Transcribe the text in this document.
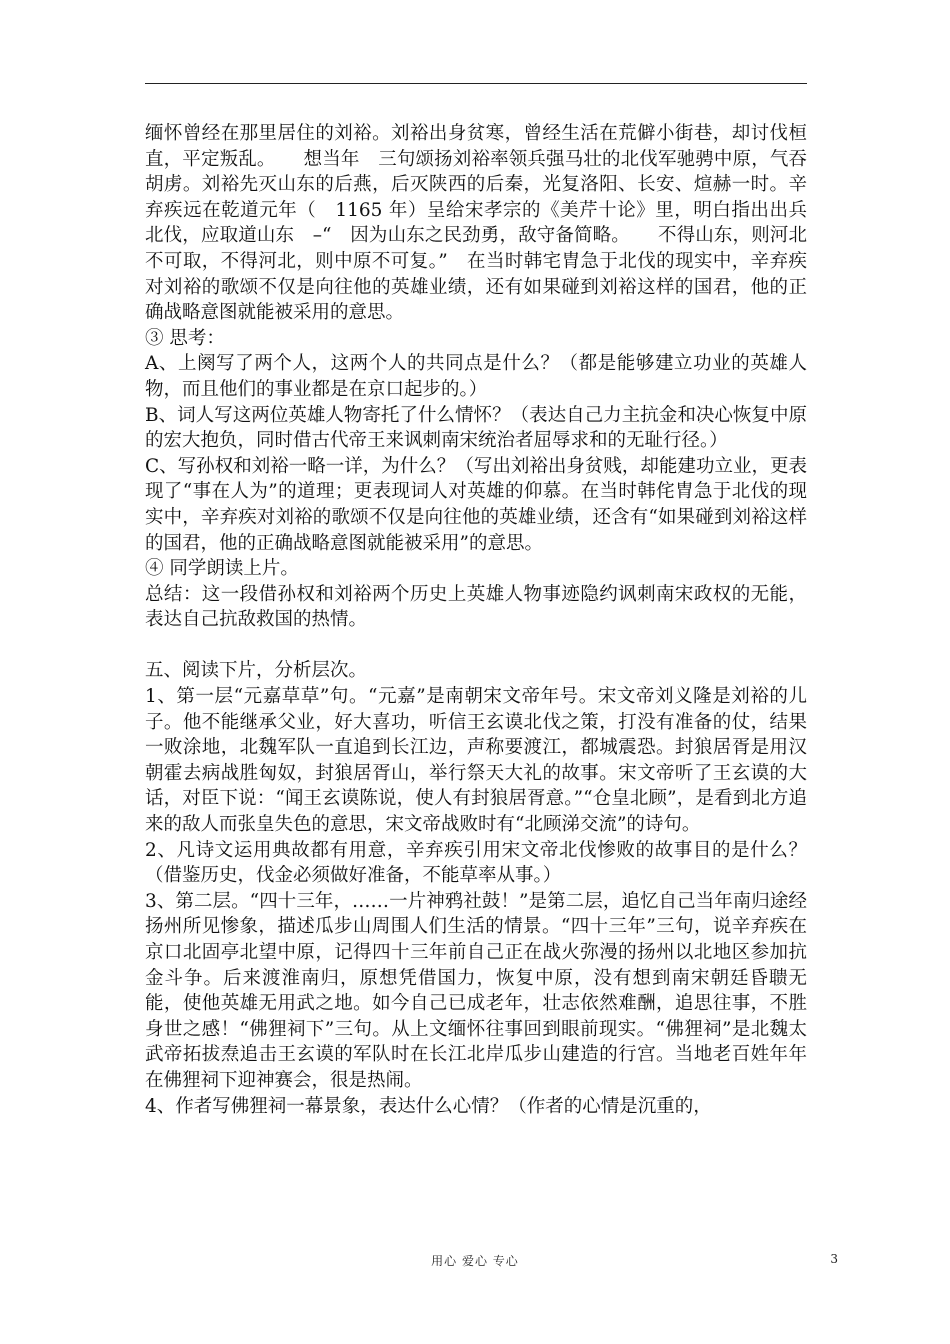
缅怀曾经在那里居住的刘裕。刘裕出身贫寒，曾经生活在荒僻小街巷，却讨伐桓直，平定叛乱。　　想当年　三句颂扬刘裕率领兵强马壮的北伐军驰骋中原，气吞胡虏。刘裕先灭山东的后燕，后灭陕西的后秦，光复洛阳、长安、煊赫一时。辛弃疾远在乾道元年（　1165 年）呈给宋孝宗的《美芹十论》里，明白指出出兵北伐，应取道山东　–“　因为山东之民劲勇，敌守备简略。　　不得山东，则河北不可取，不得河北，则中原不可复。”　在当时韩宅胄急于北伐的现实中，辛弃疾对刘裕的歌颂不仅是向往他的英雄业绩，还有如果碰到刘裕这样的国君，他的正确战略意图就能被采用的意思。

③ 思考：

A、上阕写了两个人，这两个人的共同点是什么？（都是能够建立功业的英雄人物，而且他们的事业都是在京口起步的。）

B、词人写这两位英雄人物寄托了什么情怀？（表达自己力主抗金和决心恢复中原的宏大抱负，同时借古代帝王来讽刺南宋统治者屈辱求和的无耻行径。）

C、写孙权和刘裕一略一详，为什么？（写出刘裕出身贫贱，却能建功立业，更表现了“事在人为”的道理；更表现词人对英雄的仰慕。在当时韩侘胄急于北伐的现实中，辛弃疾对刘裕的歌颂不仅是向往他的英雄业绩，还含有“如果碰到刘裕这样的国君，他的正确战略意图就能被采用”的意思。

④ 同学朗读上片。

总结：这一段借孙权和刘裕两个历史上英雄人物事迹隐约讽刺南宋政权的无能，表达自己抗敌救国的热情。

五、阅读下片，分析层次。

1、第一层“元嘉草草”句。“元嘉”是南朝宋文帝年号。宋文帝刘义隆是刘裕的儿子。他不能继承父业，好大喜功，听信王玄谟北伐之策，打没有准备的仗，结果一败涂地，北魏军队一直追到长江边，声称要渡江，都城震恐。封狼居胥是用汉朝霍去病战胜匈奴，封狼居胥山，举行祭天大礼的故事。宋文帝听了王玄谟的大话，对臣下说：“闻王玄谟陈说，使人有封狼居胥意。”“仓皇北顾”，是看到北方追来的敌人而张皇失色的意思，宋文帝战败时有“北顾涕交流”的诗句。

2、凡诗文运用典故都有用意，辛弃疾引用宋文帝北伐惨败的故事目的是什么？（借鉴历史，伐金必须做好准备，不能草率从事。）

3、第二层。“四十三年，……一片神鸦社鼓！”是第二层，追忆自己当年南归途经扬州所见惨象，描述瓜步山周围人们生活的情景。“四十三年”三句，说辛弃疾在京口北固亭北望中原，记得四十三年前自己正在战火弥漫的扬州以北地区参加抗金斗争。后来渡淮南归，原想凭借国力，恢复中原，没有想到南宋朝廷昏聩无能，使他英雄无用武之地。如今自己已成老年，壮志依然难酬，追思往事，不胜身世之感！“佛狸祠下”三句。从上文缅怀往事回到眼前现实。“佛狸祠”是北魏太武帝拓拔焘追击王玄谟的军队时在长江北岸瓜步山建造的行宫。当地老百姓年年在佛狸祠下迎神赛会，很是热闹。

4、作者写佛狸祠一幕景象，表达什么心情？（作者的心情是沉重的，

用心 爱心 专心	3
